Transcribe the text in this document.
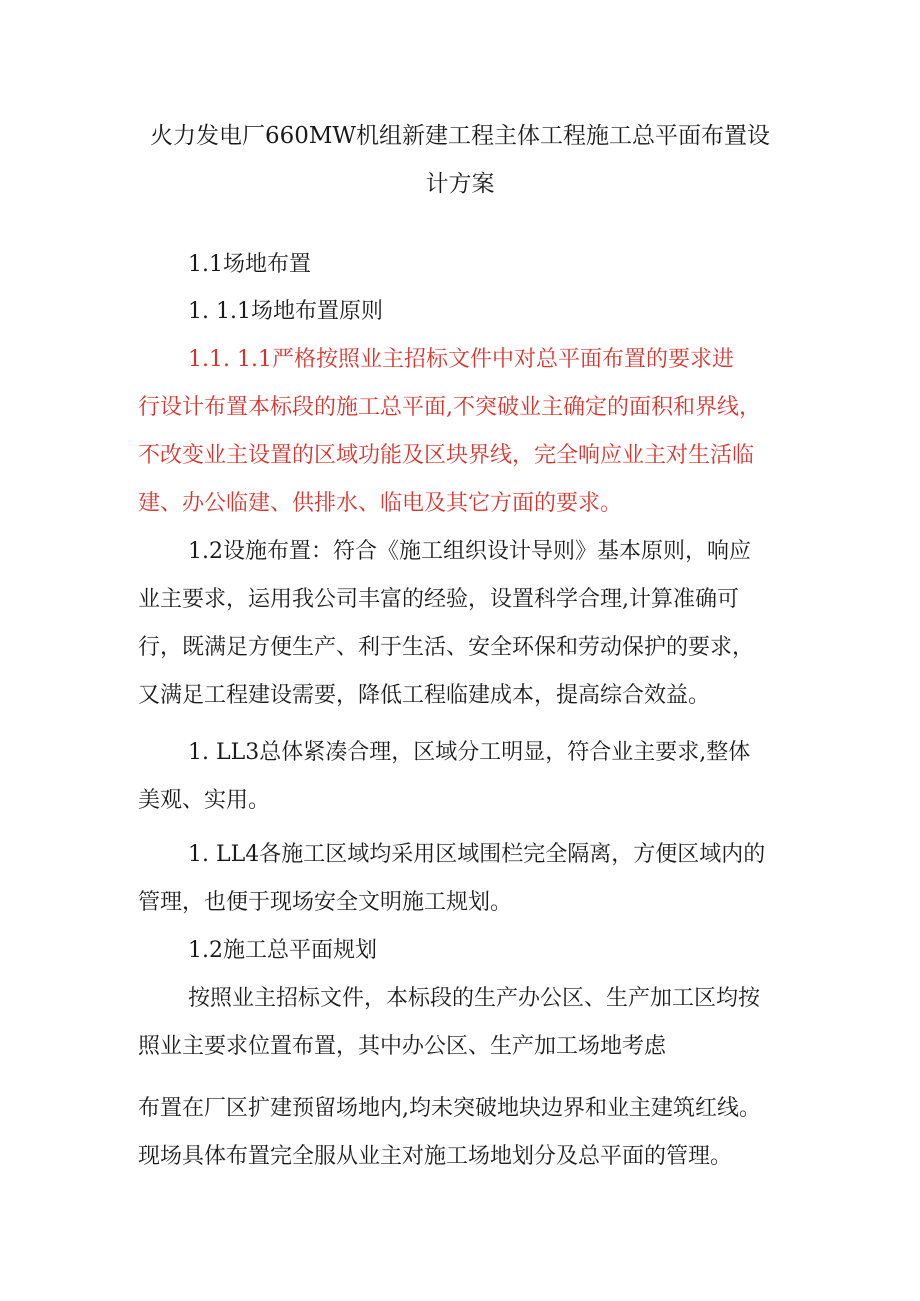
火力发电厂660MW机组新建工程主体工程施工总平面布置设
计方案
1.1场地布置
1. 1.1场地布置原则
1.1. 1.1严格按照业主招标文件中对总平面布置的要求进
行设计布置本标段的施工总平面,不突破业主确定的面积和界线，
不改变业主设置的区域功能及区块界线，完全响应业主对生活临
建、办公临建、供排水、临电及其它方面的要求。
1.2设施布置：符合《施工组织设计导则》基本原则，响应
业主要求，运用我公司丰富的经验，设置科学合理,计算准确可
行，既满足方便生产、利于生活、安全环保和劳动保护的要求，
又满足工程建设需要，降低工程临建成本，提高综合效益。
1. LL3总体紧凑合理，区域分工明显，符合业主要求,整体
美观、实用。
1. LL4各施工区域均采用区域围栏完全隔离，方便区域内的
管理，也便于现场安全文明施工规划。
1.2施工总平面规划
按照业主招标文件，本标段的生产办公区、生产加工区均按
照业主要求位置布置，其中办公区、生产加工场地考虑
布置在厂区扩建预留场地内,均未突破地块边界和业主建筑红线。
现场具体布置完全服从业主对施工场地划分及总平面的管理。
